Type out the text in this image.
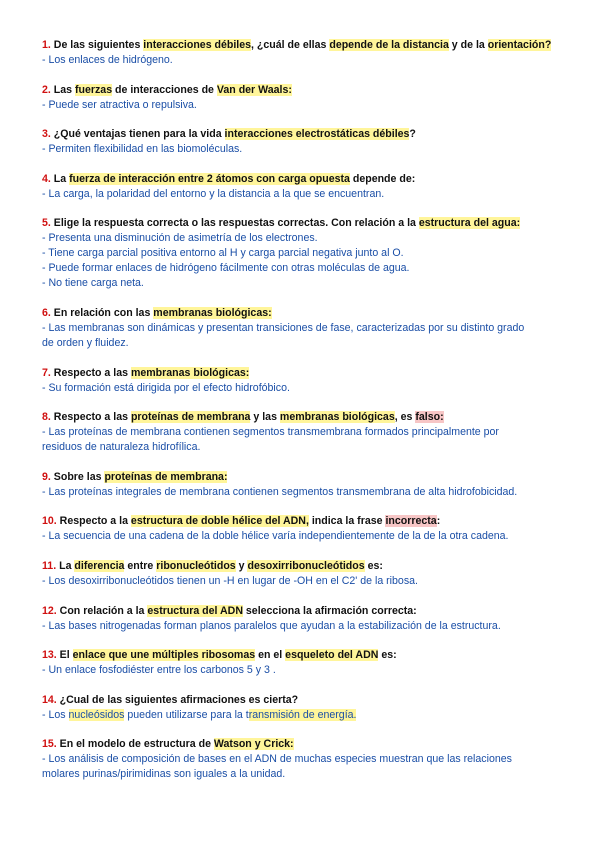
1. De las siguientes interacciones débiles, ¿cuál de ellas depende de la distancia y de la orientación?
- Los enlaces de hidrógeno.
2. Las fuerzas de interacciones de Van der Waals:
- Puede ser atractiva o repulsiva.
3. ¿Qué ventajas tienen para la vida interacciones electrostáticas débiles?
- Permiten flexibilidad en las biomoléculas.
4. La fuerza de interacción entre 2 átomos con carga opuesta depende de:
- La carga, la polaridad del entorno y la distancia a la que se encuentran.
5. Elige la respuesta correcta o las respuestas correctas. Con relación a la estructura del agua:
- Presenta una disminución de asimetría de los electrones.
- Tiene carga parcial positiva entorno al H y carga parcial negativa junto al O.
- Puede formar enlaces de hidrógeno fácilmente con otras moléculas de agua.
- No tiene carga neta.
6. En relación con las membranas biológicas:
- Las membranas son dinámicas y presentan transiciones de fase, caracterizadas por su distinto grado
de orden y fluidez.
7. Respecto a las membranas biológicas:
- Su formación está dirigida por el efecto hidrofóbico.
8. Respecto a las proteínas de membrana y las membranas biológicas, es falso:
- Las proteínas de membrana contienen segmentos transmembrana formados principalmente por
residuos de naturaleza hidrofílica.
9. Sobre las proteínas de membrana:
- Las proteínas integrales de membrana contienen segmentos transmembrana de alta hidrofobicidad.
10. Respecto a la estructura de doble hélice del ADN, indica la frase incorrecta:
- La secuencia de una cadena de la doble hélice varía independientemente de la de la otra cadena.
11. La diferencia entre ribonucleótidos y desoxirribonucleótidos es:
- Los desoxirribonucleótidos tienen un -H en lugar de -OH en el C2' de la ribosa.
12. Con relación a la estructura del ADN selecciona la afirmación correcta:
- Las bases nitrogenadas forman planos paralelos que ayudan a la estabilización de la estructura.
13. El enlace que une múltiples ribosomas en el esqueleto del ADN es:
- Un enlace fosfodiéster entre los carbonos 5 y 3 .
14. ¿Cual de las siguientes afirmaciones es cierta?
- Los nucleósidos pueden utilizarse para la transmisión de energía.
15. En el modelo de estructura de Watson y Crick:
- Los análisis de composición de bases en el ADN de muchas especies muestran que las relaciones
molares purinas/pirimidinas son iguales a la unidad.
